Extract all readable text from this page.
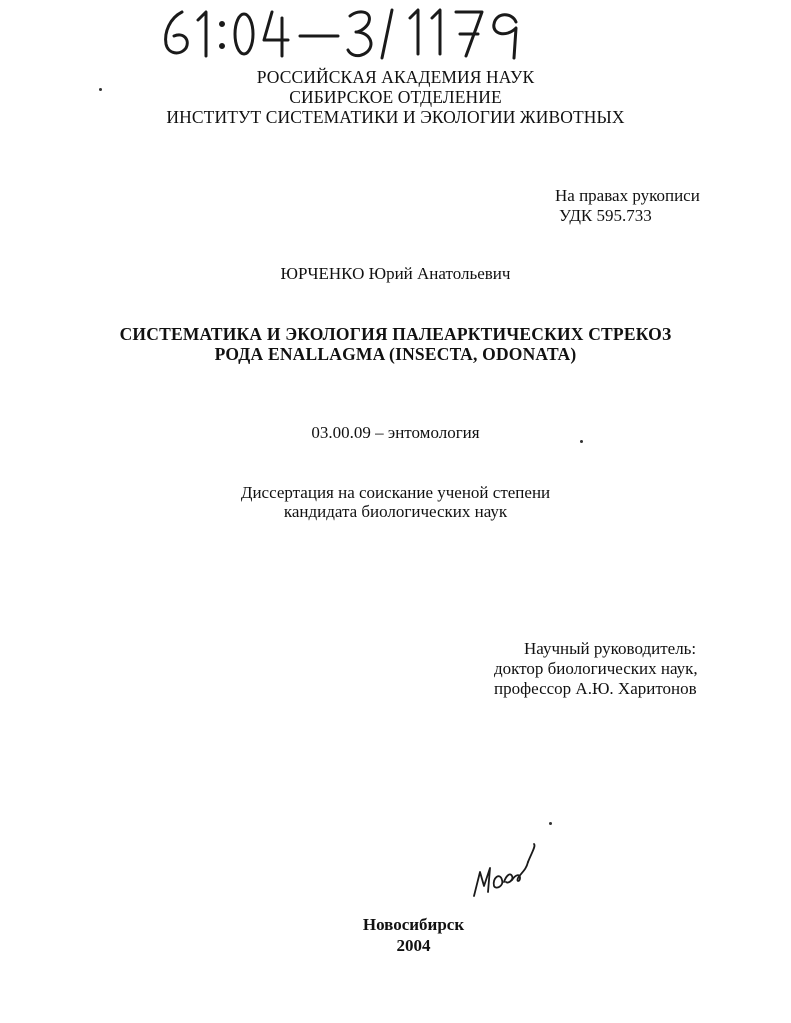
РОССИЙСКАЯ АКАДЕМИЯ НАУК
СИБИРСКОЕ ОТДЕЛЕНИЕ
ИНСТИТУТ СИСТЕМАТИКИ И ЭКОЛОГИИ ЖИВОТНЫХ
На правах рукописи
УДК 595.733
ЮРЧЕНКО Юрий Анатольевич
СИСТЕМАТИКА И ЭКОЛОГИЯ ПАЛЕАРКТИЧЕСКИХ СТРЕКОЗ
РОДА ENALLAGMA (INSECTA, ODONATA)
03.00.09 – энтомология
Диссертация на соискание ученой степени
кандидата биологических наук
Научный руководитель:
доктор биологических наук,
профессор А.Ю. Харитонов
Новосибирск
2004
